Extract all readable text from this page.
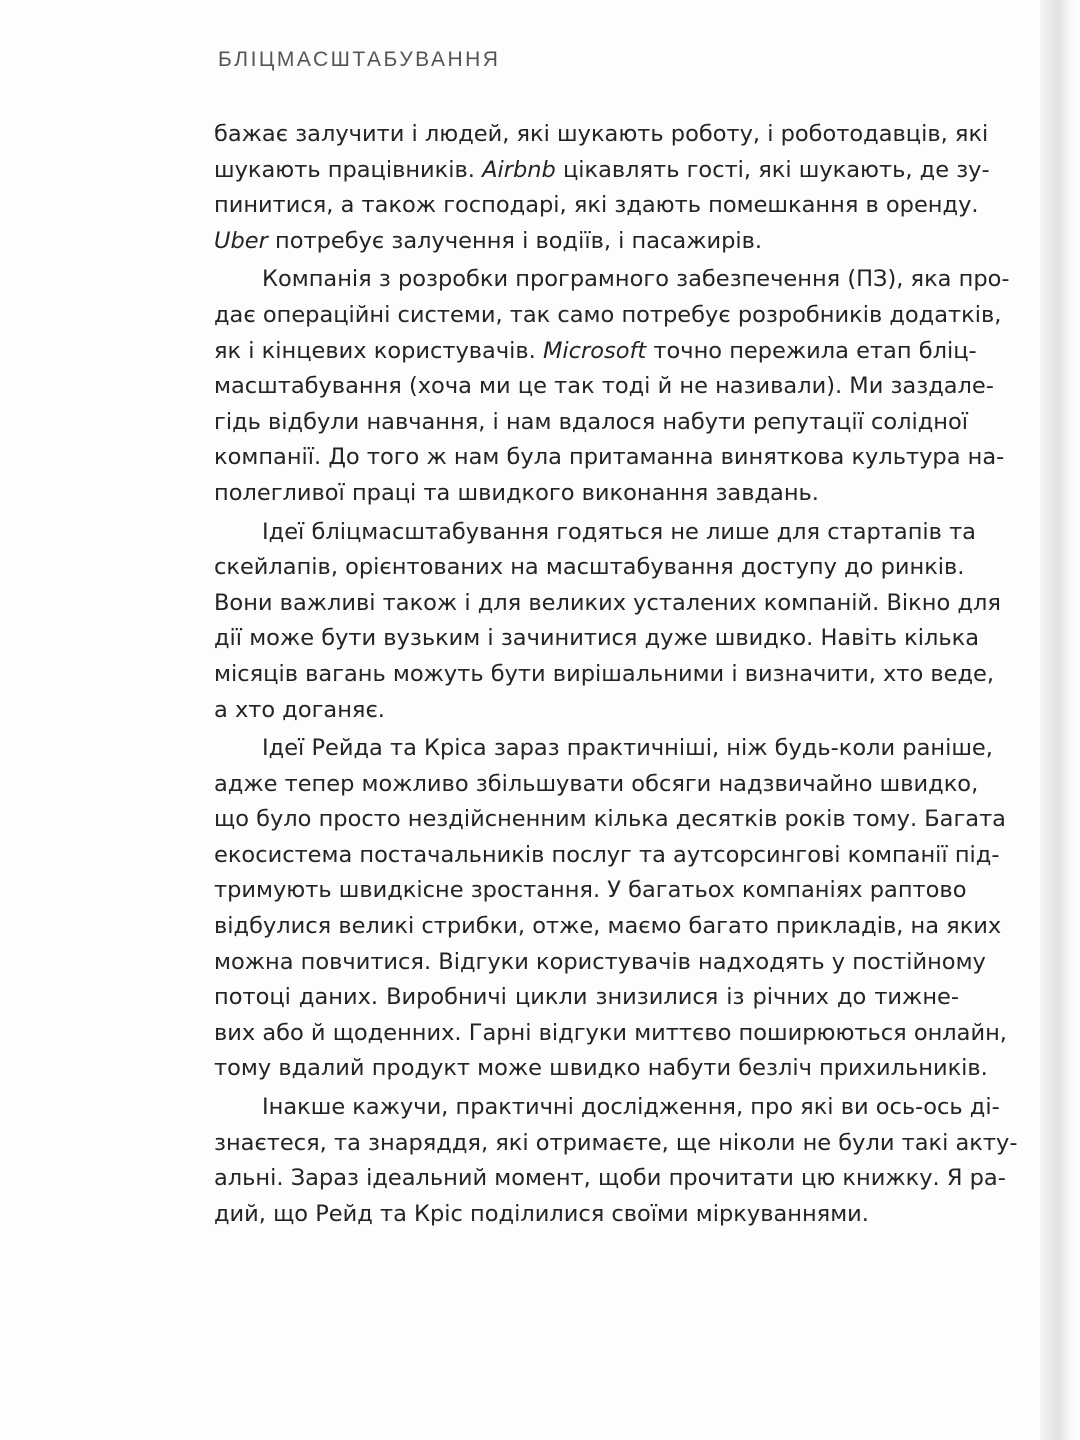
БЛІЦМАСШТАБУВАННЯ
бажає залучити і людей, які шукають роботу, і роботодавців, які
шукають працівників. Airbnb цікавлять гості, які шукають, де зу-
пинитися, а також господарі, які здають помешкання в оренду.
Uber потребує залучення і водіїв, і пасажирів.
Компанія з розробки програмного забезпечення (ПЗ), яка про-
дає операційні системи, так само потребує розробників додатків,
як і кінцевих користувачів. Microsoft точно пережила етап бліц-
масштабування (хоча ми це так тоді й не називали). Ми заздале-
гідь відбули навчання, і нам вдалося набути репутації солідної
компанії. До того ж нам була притаманна виняткова культура на-
полегливої праці та швидкого виконання завдань.
Ідеї бліцмасштабування годяться не лише для стартапів та
скейлапів, орієнтованих на масштабування доступу до ринків.
Вони важливі також і для великих усталених компаній. Вікно для
дії може бути вузьким і зачинитися дуже швидко. Навіть кілька
місяців вагань можуть бути вирішальними і визначити, хто веде,
а хто доганяє.
Ідеї Рейда та Кріса зараз практичніші, ніж будь-коли раніше,
адже тепер можливо збільшувати обсяги надзвичайно швидко,
що було просто нездійсненним кілька десятків років тому. Багата
екосистема постачальників послуг та аутсорсингові компанії під-
тримують швидкісне зростання. У багатьох компаніях раптово
відбулися великі стрибки, отже, маємо багато прикладів, на яких
можна повчитися. Відгуки користувачів надходять у постійному
потоці даних. Виробничі цикли знизилися із річних до тижне-
вих або й щоденних. Гарні відгуки миттєво поширюються онлайн,
тому вдалий продукт може швидко набути безліч прихильників.
Інакше кажучи, практичні дослідження, про які ви ось-ось ді-
знаєтеся, та знаряддя, які отримаєте, ще ніколи не були такі акту-
альні. Зараз ідеальний момент, щоби прочитати цю книжку. Я ра-
дий, що Рейд та Кріс поділилися своїми міркуваннями.
